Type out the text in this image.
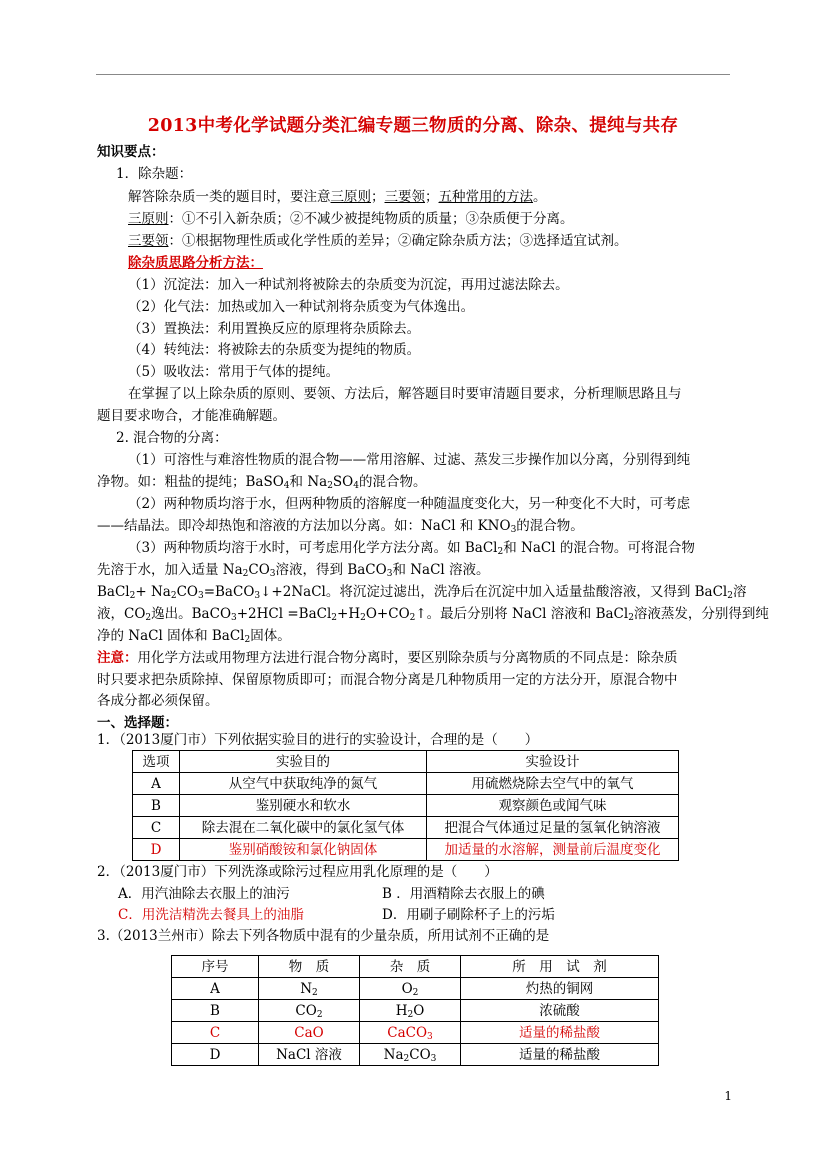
2013中考化学试题分类汇编专题三物质的分离、除杂、提纯与共存
知识要点：
1．除杂题：
解答除杂质一类的题目时，要注意三原则；三要领；五种常用的方法。
三原则：①不引入新杂质；②不减少被提纯物质的质量；③杂质便于分离。
三要领：①根据物理性质或化学性质的差异；②确定除杂质方法；③选择适宜试剂。
除杂质思路分析方法：
（1）沉淀法：加入一种试剂将被除去的杂质变为沉淀，再用过滤法除去。
（2）化气法：加热或加入一种试剂将杂质变为气体逸出。
（3）置换法：利用置换反应的原理将杂质除去。
（4）转纯法：将被除去的杂质变为提纯的物质。
（5）吸收法：常用于气体的提纯。
在掌握了以上除杂质的原则、要领、方法后，解答题目时要审清题目要求，分析理顺思路且与
题目要求吻合，才能准确解题。
2. 混合物的分离：
（1）可溶性与难溶性物质的混合物——常用溶解、过滤、蒸发三步操作加以分离，分别得到纯
净物。如：粗盐的提纯；BaSO$_4$和 $Na_2SO_4$的混合物。
（2）两种物质均溶于水，但两种物质的溶解度一种随温度变化大，另一种变化不大时，可考虑
——结晶法。即冷却热饱和溶液的方法加以分离。如：NaCl 和 $KNO_3$的混合物。
（3）两种物质均溶于水时，可考虑用化学方法分离。如 BaCl$_2$和 NaCl 的混合物。可将混合物
先溶于水，加入适量 $Na_2CO_3$溶液，得到 BaCO$_3$和 NaCl 溶液。
BaCl$_2$+ $Na_2CO_3=BaCO_3↓+2NaCl$。将沉淀过滤出，洗净后在沉淀中加入适量盐酸溶液，又得到 BaCl$_2$溶
液，$CO_2$逸出。BaCO$_3$+2HCl $=BaCl_2+H_2O+CO_2↑$。最后分别将 NaCl 溶液和 BaCl$_2$溶液蒸发，分别得到纯
净的 NaCl 固体和 BaCl$_2$固体。
注意：用化学方法或用物理方法进行混合物分离时，要区别除杂质与分离物质的不同点是：除杂质
时只要求把杂质除掉、保留原物质即可；而混合物分离是几种物质用一定的方法分开，原混合物中
各成分都必须保留。
一、选择题：
1．（2013厦门市）下列依据实验目的进行的实验设计，合理的是（　　）
选项	实验目的	实验设计
A	从空气中获取纯净的氮气	用硫燃烧除去空气中的氧气
B	鉴别硬水和软水	观察颜色或闻气味
C	除去混在二氧化碳中的氯化氢气体	把混合气体通过足量的氢氧化钠溶液
D	鉴别硝酸铵和氯化钠固体	加适量的水溶解，测量前后温度变化
2．（2013厦门市）下列洗涤或除污过程应用乳化原理的是（　　）
A．用汽油除去衣服上的油污	B ．用酒精除去衣服上的碘
C．用洗洁精洗去餐具上的油脂	D．用刷子刷除杯子上的污垢
3.（2013兰州市）除去下列各物质中混有的少量杂质，所用试剂不正确的是
序号	物　质	杂　质	所　用　试　剂
A	$N_2$	$O_2$	灼热的铜网
B	$CO_2$	$H_2O$	浓硫酸
C	CaO	CaCO$_3$	适量的稀盐酸
D	NaCl 溶液	$Na_2CO_3$	适量的稀盐酸
1
